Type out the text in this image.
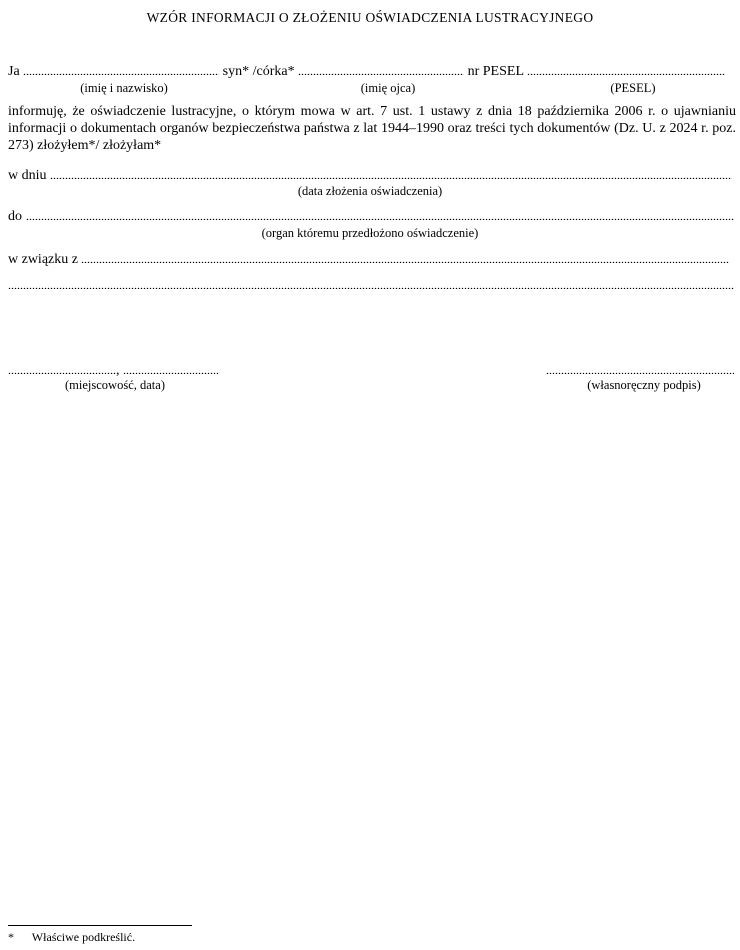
WZÓR INFORMACJI O ZŁOŻENIU OŚWIADCZENIA LUSTRACYJNEGO
Ja	syn* /córka*	nr PESEL
(imię i nazwisko)	(imię ojca)	(PESEL)
informuję, że oświadczenie lustracyjne, o którym mowa w art. 7 ust. 1 ustawy z dnia 18 października 2006 r. o ujawnianiu informacji o dokumentach organów bezpieczeństwa państwa z lat 1944–1990 oraz treści tych dokumentów (Dz. U. z 2024 r. poz. 273) złożyłem*/ złożyłam*
w dniu
(data złożenia oświadczenia)
do
(organ któremu przedłożono oświadczenie)
w związku z
,
(miejscowość, data)	(własnoręczny podpis)
* Właściwe podkreślić.
